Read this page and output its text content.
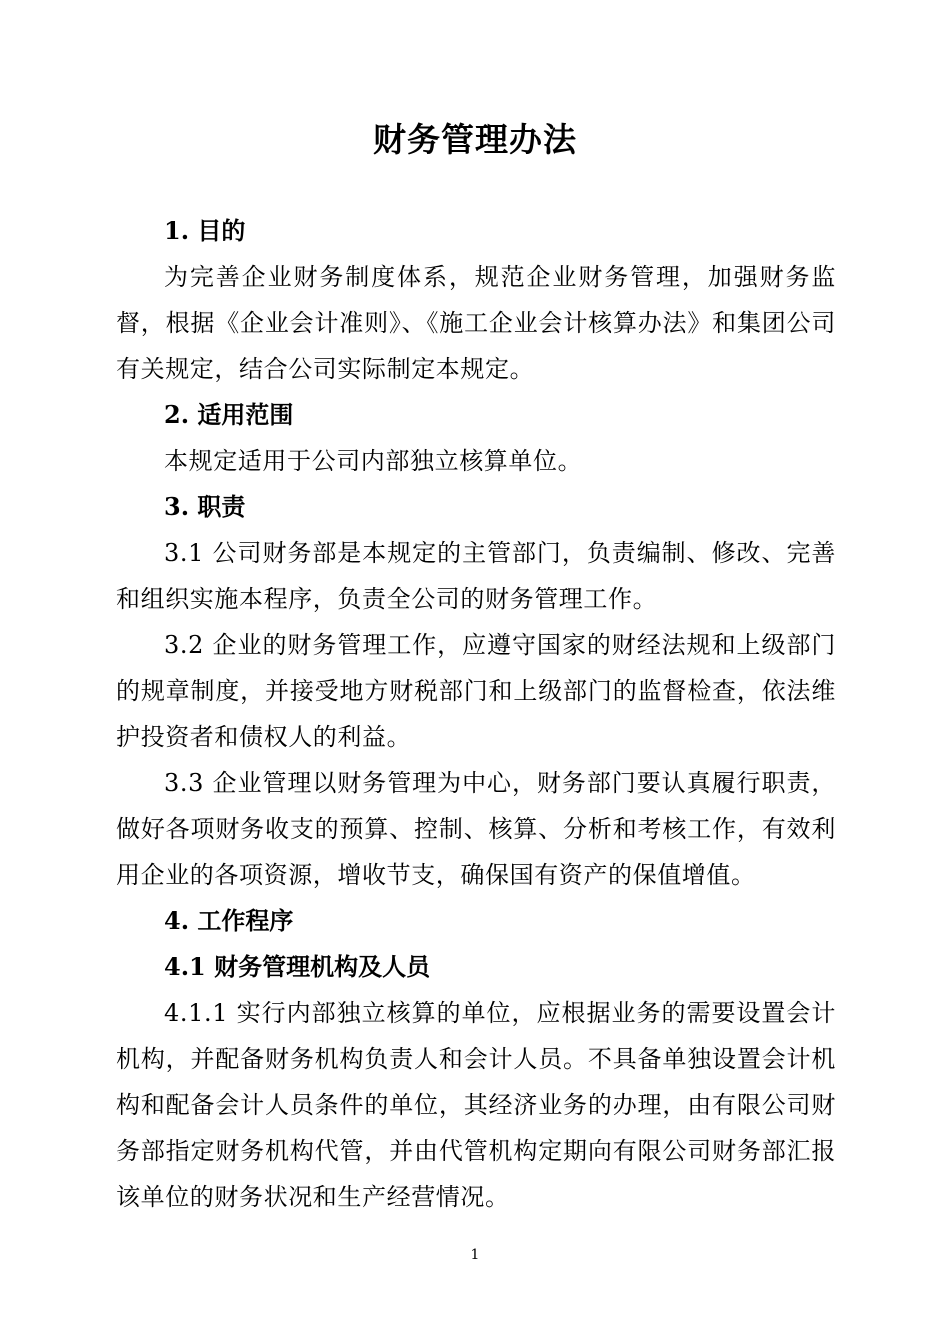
财务管理办法

1. 目的

为完善企业财务制度体系，规范企业财务管理，加强财务监督，根据《企业会计准则》、《施工企业会计核算办法》和集团公司有关规定，结合公司实际制定本规定。

2. 适用范围

本规定适用于公司内部独立核算单位。

3. 职责

3.1 公司财务部是本规定的主管部门，负责编制、修改、完善和组织实施本程序，负责全公司的财务管理工作。

3.2 企业的财务管理工作，应遵守国家的财经法规和上级部门的规章制度，并接受地方财税部门和上级部门的监督检查，依法维护投资者和债权人的利益。

3.3 企业管理以财务管理为中心，财务部门要认真履行职责，做好各项财务收支的预算、控制、核算、分析和考核工作，有效利用企业的各项资源，增收节支，确保国有资产的保值增值。

4. 工作程序

4.1 财务管理机构及人员

4.1.1 实行内部独立核算的单位，应根据业务的需要设置会计机构，并配备财务机构负责人和会计人员。不具备单独设置会计机构和配备会计人员条件的单位，其经济业务的办理，由有限公司财务部指定财务机构代管，并由代管机构定期向有限公司财务部汇报该单位的财务状况和生产经营情况。

1
